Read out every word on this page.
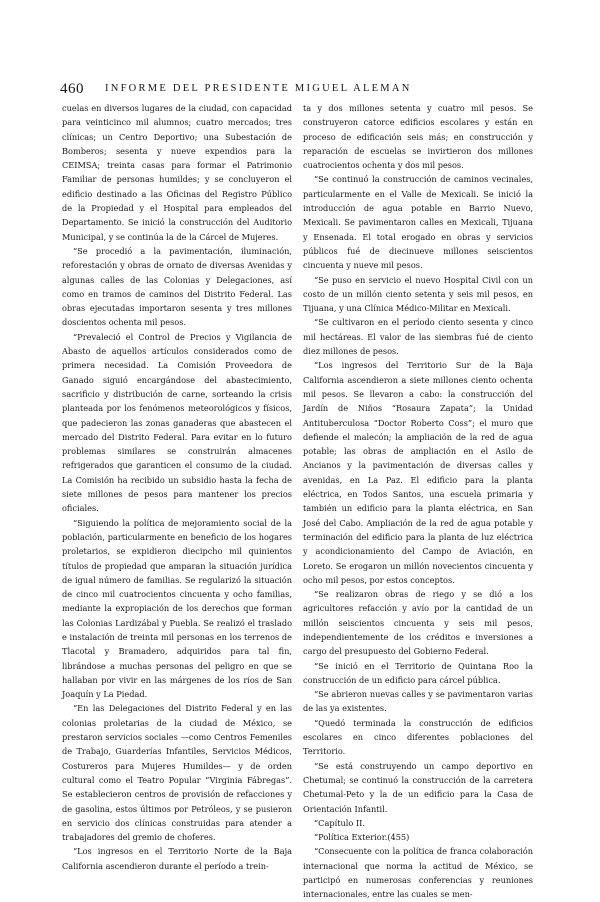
460 INFORME DEL PRESIDENTE MIGUEL ALEMAN

cuelas en diversos lugares de la ciudad, con capacidad para veinticinco mil alumnos; cuatro mercados; tres clínicas; un Centro Deportivo; una Subestación de Bomberos; sesenta y nueve expendios para la CEIMSA; treinta casas para formar el Patrimonio Familiar de personas humildes; y se concluyeron el edificio destinado a las Oficinas del Registro Público de la Propiedad y el Hospital para empleados del Departamento. Se inició la construcción del Auditorio Municipal, y se continúa la de la Cárcel de Mujeres.

“Se procedió a la pavimentación, iluminación, reforestación y obras de ornato de diversas Avenidas y algunas calles de las Colonias y Delegaciones, así como en tramos de caminos del Distrito Federal. Las obras ejecutadas importaron sesenta y tres millones doscientos ochenta mil pesos.

“Prevaleció el Control de Precios y Vigilancia de Abasto de aquellos artículos considerados como de primera necesidad. La Comisión Proveedora de Ganado siguió encargándose del abastecimiento, sacrificio y distribución de carne, sorteando la crisis planteada por los fenómenos meteorológicos y físicos, que padecieron las zonas ganaderas que abastecen el mercado del Distrito Federal. Para evitar en lo futuro problemas similares se construirán almacenes refrigerados que garanticen el consumo de la ciudad. La Comisión ha recibido un subsidio hasta la fecha de siete millones de pesos para mantener los precios oficiales.

“Siguiendo la política de mejoramiento social de la población, particularmente en beneficio de los hogares proletarios, se expidieron diecipcho mil quinientos títulos de propiedad que amparan la situación jurídica de igual número de familias. Se regularizó la situación de cinco mil cuatrocientos cincuenta y ocho familias, mediante la expropiación de los derechos que forman las Colonias Lardizábal y Puebla. Se realizó el traslado e instalación de treinta mil personas en los terrenos de Tlacotal y Bramadero, adquiridos para tal fin, librándose a muchas personas del peligro en que se hallaban por vivir en las márgenes de los ríos de San Joaquín y La Piedad.

“En las Delegaciones del Distrito Federal y en las colonias proletarias de la ciudad de México, se prestaron servicios sociales —como Centros Femeniles de Trabajo, Guarderías Infantiles, Servicios Médicos, Costureros para Mujeres Humildes— y de orden cultural como el Teatro Popular “Virginia Fábregas”. Se establecieron centros de provisión de refacciones y de gasolina, estos últimos por Petróleos, y se pusieron en servicio dos clínicas construidas para atender a trabajadores del gremio de choferes.

“Los ingresos en el Territorio Norte de la Baja California ascendieron durante el período a trein-

ta y dos millones setenta y cuatro mil pesos. Se construyeron catorce edificios escolares y están en proceso de edificación seis más; en construcción y reparación de escuelas se invirtieron dos millones cuatrocientos ochenta y dos mil pesos.

“Se continuó la construcción de caminos vecinales, particularmente en el Valle de Mexicali. Se inició la introducción de agua potable en Barrio Nuevo, Mexicali. Se pavimentaron calles en Mexicali, Tijuana y Ensenada. El total erogado en obras y servicios públicos fué de diecinueve millones seiscientos cincuenta y nueve mil pesos.

“Se puso en servicio el nuevo Hospital Civil con un costo de un millón ciento setenta y seis mil pesos, en Tijuana, y una Clínica Médico-Militar en Mexicali.

“Se cultivaron en el período ciento sesenta y cinco mil hectáreas. El valor de las siembras fué de ciento diez millones de pesos.

“Los ingresos del Territorio Sur de la Baja California ascendieron a siete millones ciento ochenta mil pesos. Se llevaron a cabo: la construcción del Jardín de Niños “Rosaura Zapata”; la Unidad Antituberculosa “Doctor Roberto Coss”; el muro que defiende el malecón; la ampliación de la red de agua potable; las obras de ampliación en el Asilo de Ancianos y la pavimentación de diversas calles y avenidas, en La Paz. El edificio para la planta eléctrica, en Todos Santos, una escuela primaria y también un edificio para la planta eléctrica, en San José del Cabo. Ampliación de la red de agua potable y terminación del edificio para la planta de luz eléctrica y acondicionamiento del Campo de Aviación, en Loreto. Se erogaron un millón novecientos cincuenta y ocho mil pesos, por estos conceptos.

“Se realizaron obras de riego y se dió a los agricultores refacción y avío por la cantidad de un millón seiscientos cincuenta y seis mil pesos, independientemente de los créditos e inversiones a cargo del presupuesto del Gobierno Federal.

“Se inició en el Territorio de Quintana Roo la construcción de un edificio para cárcel pública.

“Se abrieron nuevas calles y se pavimentaron varias de las ya existentes.

“Quedó terminada la construcción de edificios escolares en cinco diferentes poblaciones del Territorio.

“Se está construyendo un campo deportivo en Chetumal; se continuó la construcción de la carretera Chetumal-Peto y la de un edificio para la Casa de Orientación Infantil.

“Capítulo II.

“Política Exterior.(455)

“Consecuente con la política de franca colaboración internacional que norma la actitud de México, se participó en numerosas conferencias y reuniones internacionales, entre las cuales se men-
